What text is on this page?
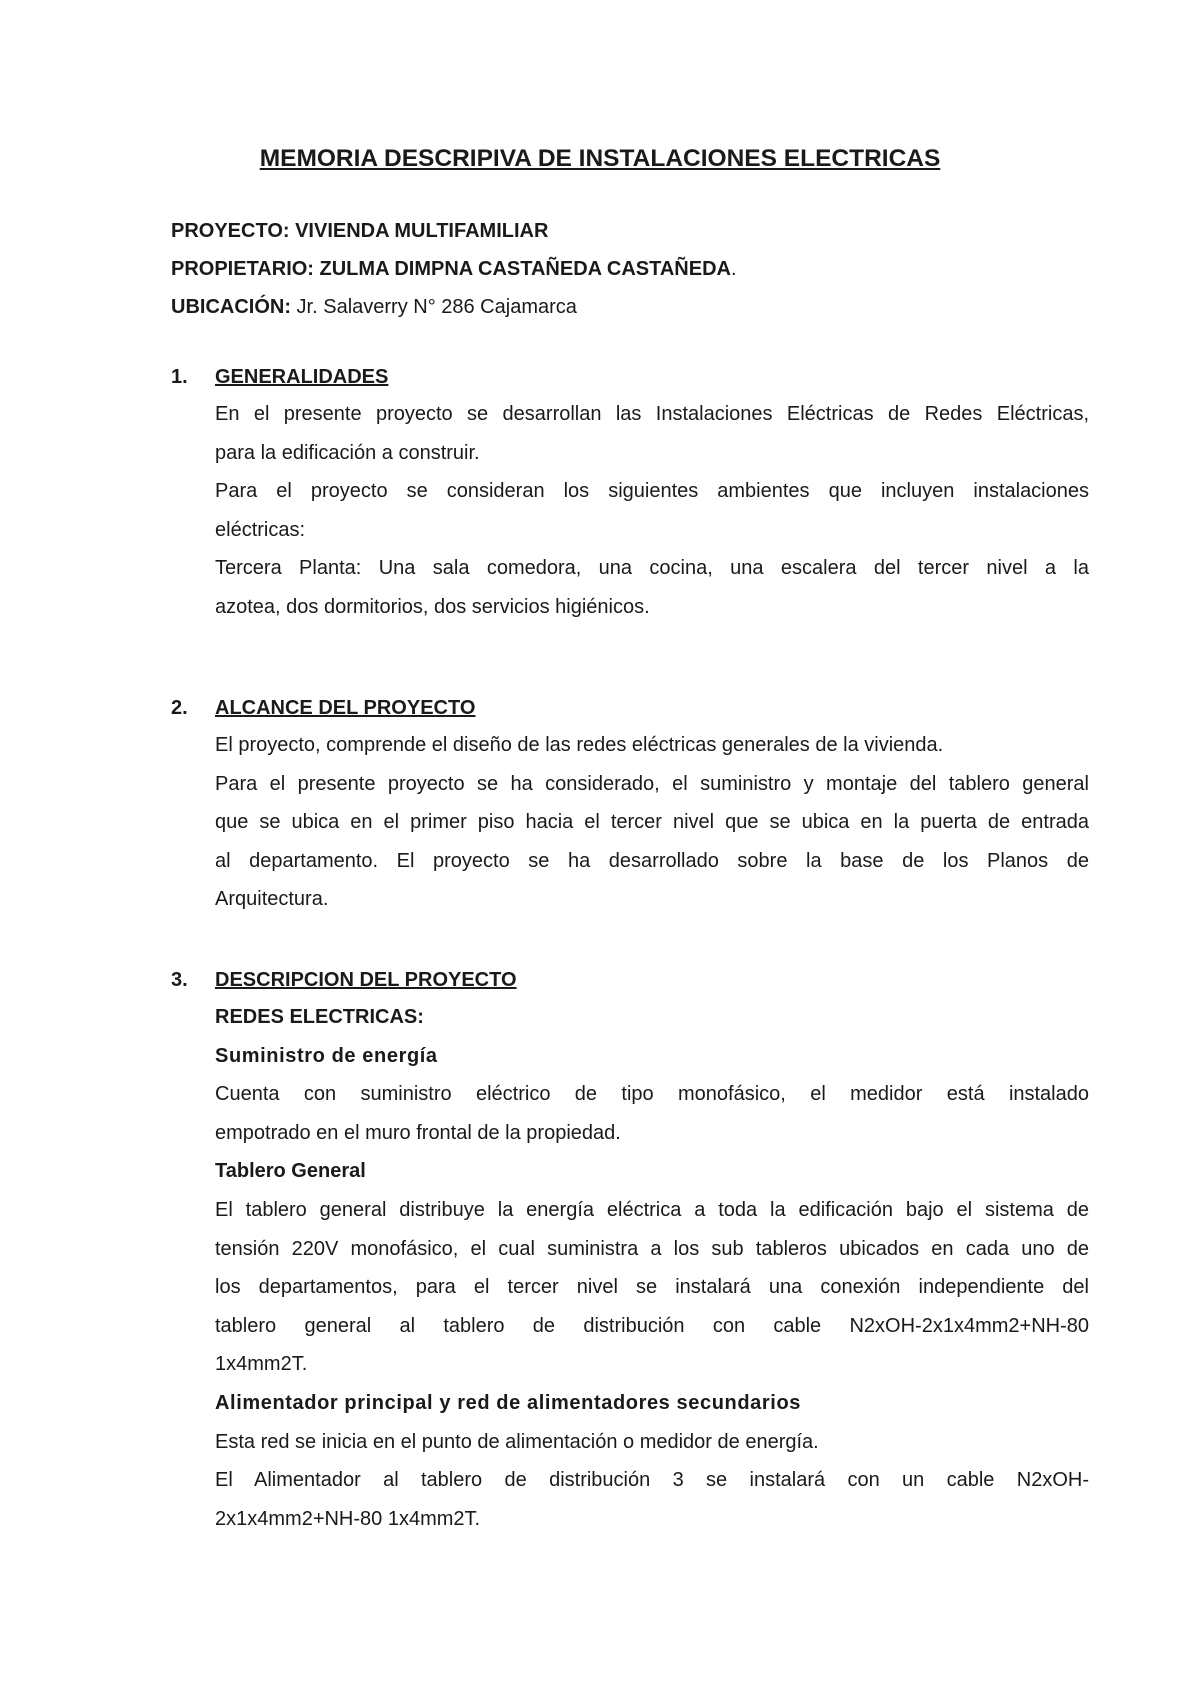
MEMORIA DESCRIPIVA DE INSTALACIONES ELECTRICAS
PROYECTO: VIVIENDA MULTIFAMILIAR
PROPIETARIO: ZULMA DIMPNA CASTAÑEDA CASTAÑEDA.
UBICACIÓN: Jr. Salaverry N° 286 Cajamarca
1. GENERALIDADES

En el presente proyecto se desarrollan las Instalaciones Eléctricas de Redes Eléctricas,

para la edificación a construir.

Para el proyecto se consideran los siguientes ambientes que incluyen instalaciones

eléctricas:

Tercera Planta: Una sala comedora, una cocina, una escalera del tercer nivel a la

azotea, dos dormitorios, dos servicios higiénicos.

2. ALCANCE DEL PROYECTO

El proyecto, comprende el diseño de las redes eléctricas generales de la vivienda.

Para el presente proyecto se ha considerado, el suministro y montaje del tablero general

que se ubica en el primer piso hacia el tercer nivel que se ubica en la puerta de entrada

al departamento. El proyecto se ha desarrollado sobre la base de los Planos de

Arquitectura.

3. DESCRIPCION DEL PROYECTO

REDES ELECTRICAS:

Suministro de energía

Cuenta con suministro eléctrico de tipo monofásico, el medidor está instalado

empotrado en el muro frontal de la propiedad.

Tablero General

El tablero general distribuye la energía eléctrica a toda la edificación bajo el sistema de

tensión 220V monofásico, el cual suministra a los sub tableros ubicados en cada uno de

los departamentos, para el tercer nivel se instalará una conexión independiente del

tablero general al tablero de distribución con cable N2xOH-2x1x4mm2+NH-80

1x4mm2T.

Alimentador principal y red de alimentadores secundarios

Esta red se inicia en el punto de alimentación o medidor de energía.

El Alimentador al tablero de distribución 3 se instalará con un cable N2xOH-

2x1x4mm2+NH-80 1x4mm2T.
